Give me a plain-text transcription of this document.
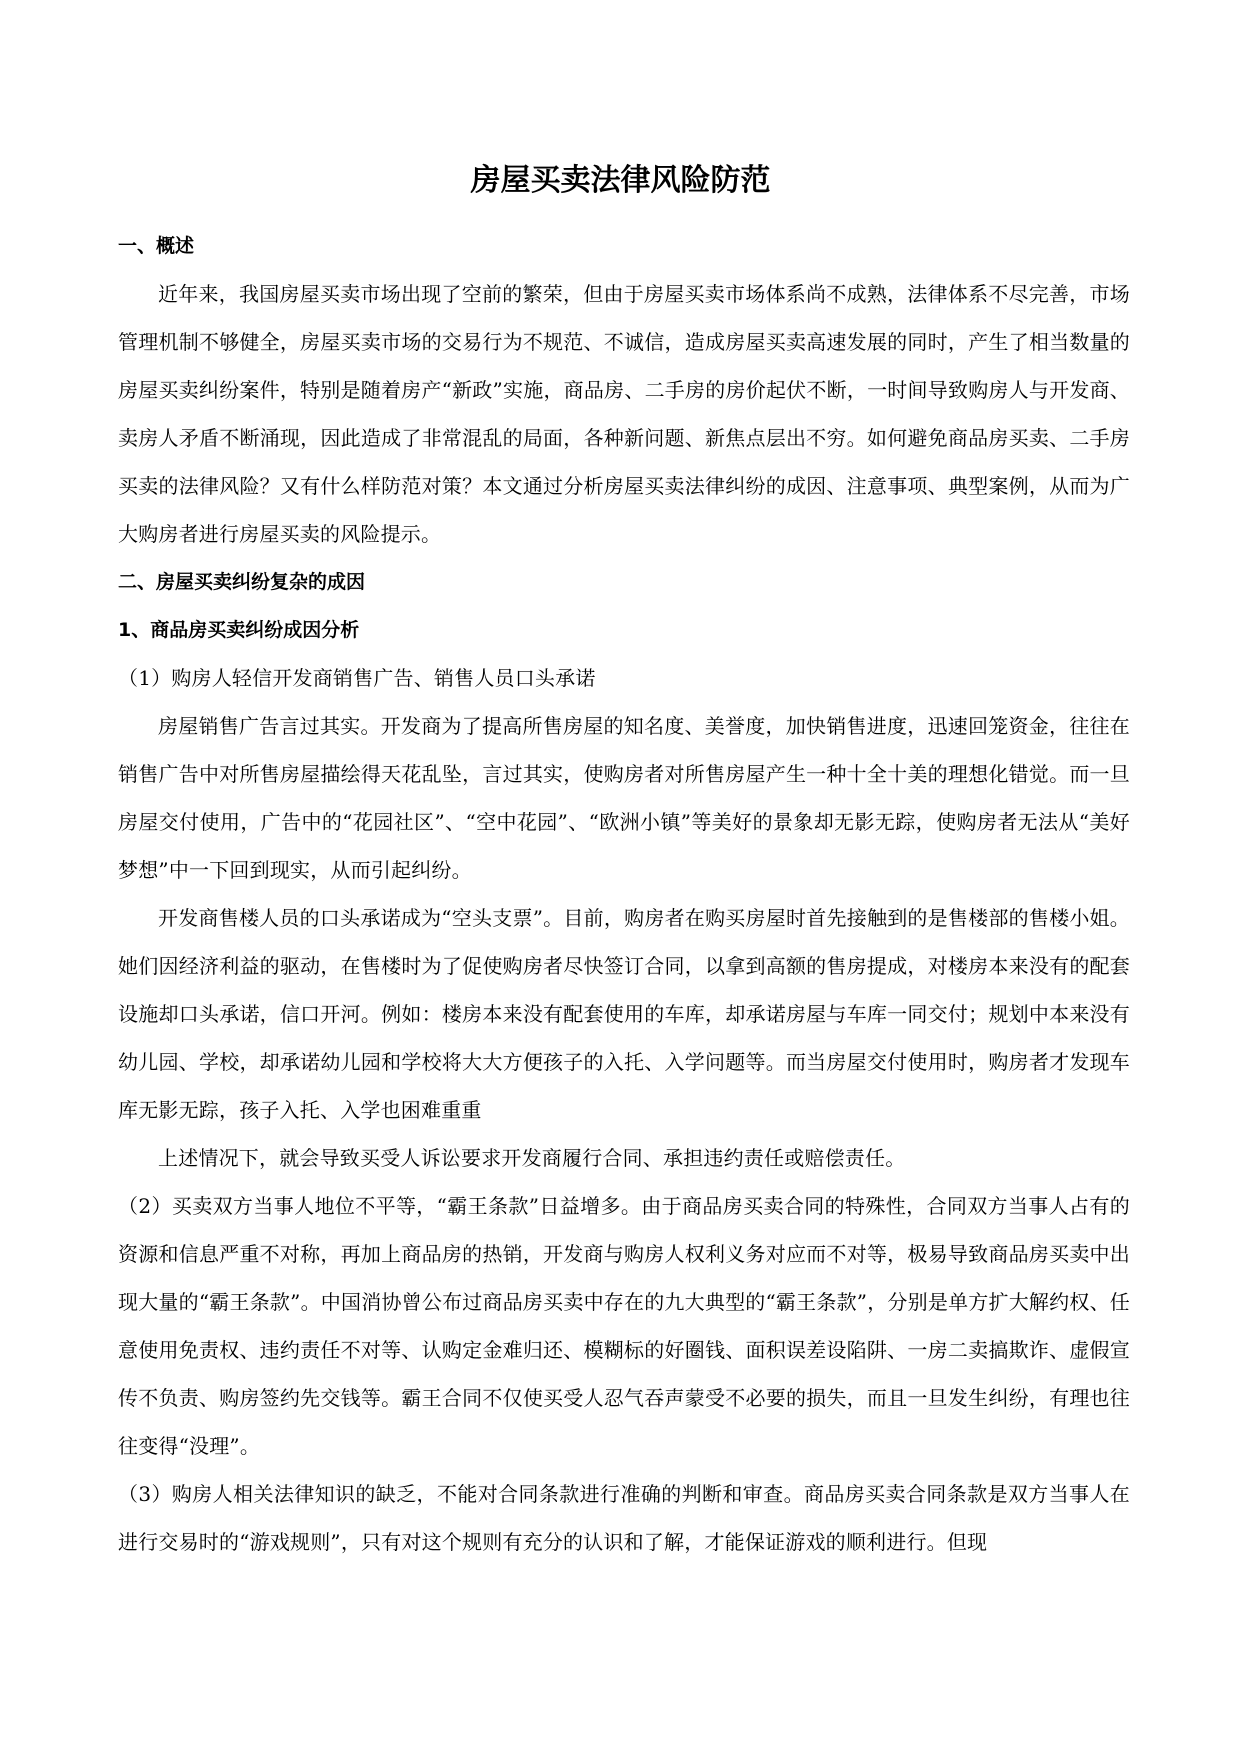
房屋买卖法律风险防范
一、概述

近年来，我国房屋买卖市场出现了空前的繁荣，但由于房屋买卖市场体系尚不成熟，法律体系不尽完善，市场管理机制不够健全，房屋买卖市场的交易行为不规范、不诚信，造成房屋买卖高速发展的同时，产生了相当数量的房屋买卖纠纷案件，特别是随着房产“新政”实施，商品房、二手房的房价起伏不断，一时间导致购房人与开发商、卖房人矛盾不断涌现，因此造成了非常混乱的局面，各种新问题、新焦点层出不穷。如何避免商品房买卖、二手房买卖的法律风险？又有什么样防范对策？本文通过分析房屋买卖法律纠纷的成因、注意事项、典型案例，从而为广大购房者进行房屋买卖的风险提示。

二、房屋买卖纠纷复杂的成因
1、商品房买卖纠纷成因分析

（1）购房人轻信开发商销售广告、销售人员口头承诺

房屋销售广告言过其实。开发商为了提高所售房屋的知名度、美誉度，加快销售进度，迅速回笼资金，往往在销售广告中对所售房屋描绘得天花乱坠，言过其实，使购房者对所售房屋产生一种十全十美的理想化错觉。而一旦房屋交付使用，广告中的“花园社区”、“空中花园”、“欧洲小镇”等美好的景象却无影无踪，使购房者无法从“美好梦想”中一下回到现实，从而引起纠纷。

开发商售楼人员的口头承诺成为“空头支票”。目前，购房者在购买房屋时首先接触到的是售楼部的售楼小姐。她们因经济利益的驱动，在售楼时为了促使购房者尽快签订合同，以拿到高额的售房提成，对楼房本来没有的配套设施却口头承诺，信口开河。例如：楼房本来没有配套使用的车库，却承诺房屋与车库一同交付；规划中本来没有幼儿园、学校，却承诺幼儿园和学校将大大方便孩子的入托、入学问题等。而当房屋交付使用时，购房者才发现车库无影无踪，孩子入托、入学也困难重重

上述情况下，就会导致买受人诉讼要求开发商履行合同、承担违约责任或赔偿责任。

（2）买卖双方当事人地位不平等，“霸王条款”日益增多。由于商品房买卖合同的特殊性，合同双方当事人占有的资源和信息严重不对称，再加上商品房的热销，开发商与购房人权利义务对应而不对等，极易导致商品房买卖中出现大量的“霸王条款”。中国消协曾公布过商品房买卖中存在的九大典型的“霸王条款”，分别是单方扩大解约权、任意使用免责权、违约责任不对等、认购定金难归还、模糊标的好圈钱、面积误差设陷阱、一房二卖搞欺诈、虚假宣传不负责、购房签约先交钱等。霸王合同不仅使买受人忍气吞声蒙受不必要的损失，而且一旦发生纠纷，有理也往往变得“没理”。

（3）购房人相关法律知识的缺乏，不能对合同条款进行准确的判断和审查。商品房买卖合同条款是双方当事人在进行交易时的“游戏规则”，只有对这个规则有充分的认识和了解，才能保证游戏的顺利进行。但现
